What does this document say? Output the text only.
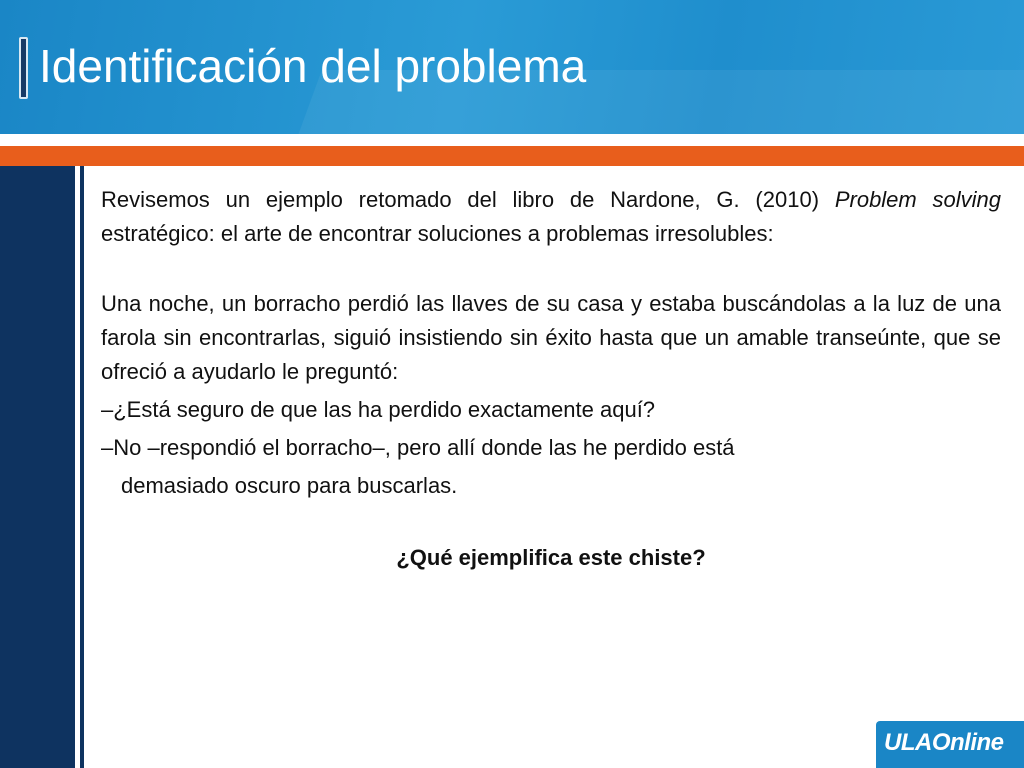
Identificación del problema

Revisemos un ejemplo retomado del libro de Nardone, G. (2010) Problem solving estratégico: el arte de encontrar soluciones a problemas irresolubles:

Una noche, un borracho perdió las llaves de su casa y estaba buscándolas a la luz de una farola sin encontrarlas, siguió insistiendo sin éxito hasta que un amable transeúnte, que se ofreció a ayudarlo le preguntó:

–¿Está seguro de que las ha perdido exactamente aquí?

–No –respondió el borracho–, pero allí donde las he perdido está

demasiado oscuro para buscarlas.

¿Qué ejemplifica este chiste?

ULAOnline
